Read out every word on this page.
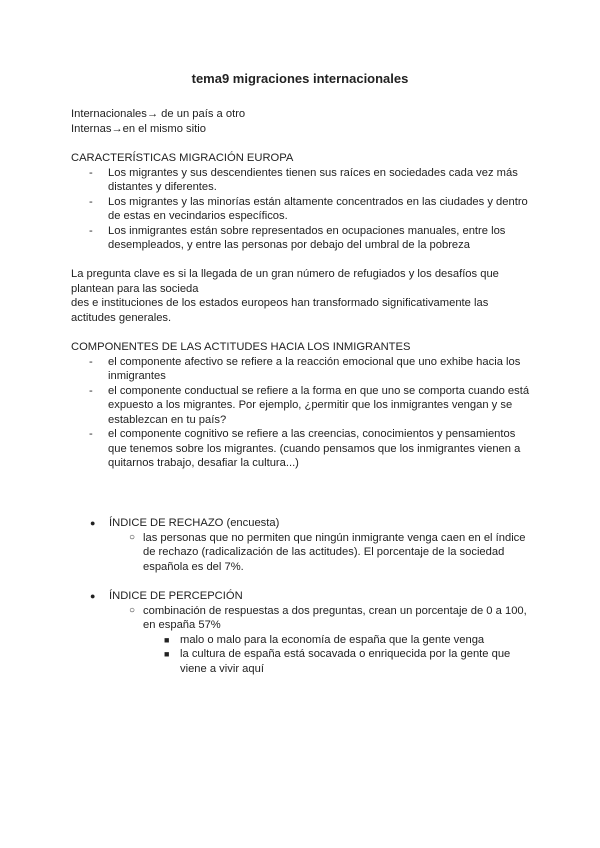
tema9 migraciones internacionales
Internacionales→ de un país a otro
Internas→en el mismo sitio
CARACTERÍSTICAS MIGRACIÓN EUROPA
- Los migrantes y sus descendientes tienen sus raíces en sociedades cada vez más
distantes y diferentes.
- Los migrantes y las minorías están altamente concentrados en las ciudades y dentro
de estas en vecindarios específicos.
- Los inmigrantes están sobre representados en ocupaciones manuales, entre los
desempleados, y entre las personas por debajo del umbral de la pobreza
La pregunta clave es si la llegada de un gran número de refugiados y los desafíos que
plantean para las socieda
des e instituciones de los estados europeos han transformado significativamente las
actitudes generales.
COMPONENTES DE LAS ACTITUDES HACIA LOS INMIGRANTES
- el componente afectivo se refiere a la reacción emocional que uno exhibe hacia los
inmigrantes
- el componente conductual se refiere a la forma en que uno se comporta cuando está
expuesto a los migrantes. Por ejemplo, ¿permitir que los inmigrantes vengan y se
establezcan en tu país?
- el componente cognitivo se refiere a las creencias, conocimientos y pensamientos
que tenemos sobre los migrantes. (cuando pensamos que los inmigrantes vienen a
quitarnos trabajo, desafiar la cultura...)
● ÍNDICE DE RECHAZO (encuesta)
○ las personas que no permiten que ningún inmigrante venga caen en el índice
de rechazo (radicalización de las actitudes). El porcentaje de la sociedad
española es del 7%.
● ÍNDICE DE PERCEPCIÓN
○ combinación de respuestas a dos preguntas, crean un porcentaje de 0 a 100,
en españa 57%
■ malo o malo para la economía de españa que la gente venga
■ la cultura de españa está socavada o enriquecida por la gente que
viene a vivir aquí
